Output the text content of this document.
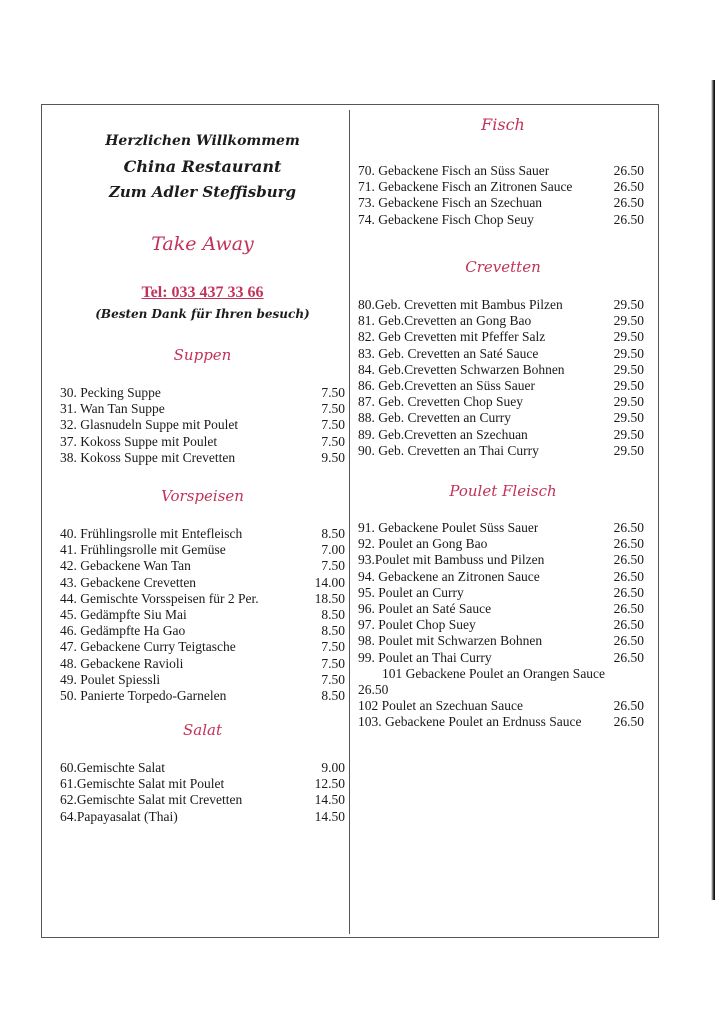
Herzlichen Willkommem
China Restaurant
Zum Adler Steffisburg
Take Away
Tel: 033 437 33 66
(Besten Dank für Ihren besuch)
Suppen
30. Pecking Suppe	7.50
31. Wan Tan Suppe	7.50
32. Glasnudeln Suppe mit Poulet	7.50
37. Kokoss Suppe mit Poulet	7.50
38. Kokoss Suppe mit Crevetten	9.50
Vorspeisen
40. Frühlingsrolle mit Entefleisch	8.50
41. Frühlingsrolle mit Gemüse	7.00
42. Gebackene Wan Tan	7.50
43. Gebackene Crevetten	14.00
44. Gemischte Vorsspeisen für 2 Per.	18.50
45. Gedämpfte Siu Mai	8.50
46. Gedämpfte Ha Gao	8.50
47. Gebackene Curry Teigtasche	7.50
48. Gebackene Ravioli	7.50
49. Poulet Spiessli	7.50
50. Panierte Torpedo-Garnelen	8.50
Salat
60.Gemischte Salat	9.00
61.Gemischte Salat mit Poulet	12.50
62.Gemischte Salat mit Crevetten	14.50
64.Papayasalat (Thai)	14.50
Fisch
70. Gebackene Fisch an Süss Sauer	26.50
71. Gebackene Fisch an Zitronen Sauce	26.50
73. Gebackene Fisch an Szechuan	26.50
74. Gebackene Fisch Chop Seuy	26.50
Crevetten
80.Geb. Crevetten mit Bambus Pilzen	29.50
81. Geb.Crevetten an Gong Bao	29.50
82. Geb Crevetten mit Pfeffer Salz	29.50
83. Geb. Crevetten an Saté Sauce	29.50
84. Geb.Crevetten Schwarzen Bohnen	29.50
86. Geb.Crevetten an Süss Sauer	29.50
87. Geb. Crevetten Chop Suey	29.50
88. Geb. Crevetten an Curry	29.50
89. Geb.Crevetten an Szechuan	29.50
90. Geb. Crevetten an Thai Curry	29.50
Poulet Fleisch
91. Gebackene Poulet Süss Sauer	26.50
92. Poulet an Gong Bao	26.50
93.Poulet mit Bambuss und Pilzen	26.50
94. Gebackene an Zitronen Sauce	26.50
95. Poulet an Curry	26.50
96. Poulet an Saté Sauce	26.50
97. Poulet Chop Suey	26.50
98. Poulet mit Schwarzen Bohnen	26.50
99. Poulet an Thai Curry	26.50
101 Gebackene Poulet an Orangen Sauce
26.50
102 Poulet an Szechuan Sauce	26.50
103. Gebackene Poulet an Erdnuss Sauce 26.50
